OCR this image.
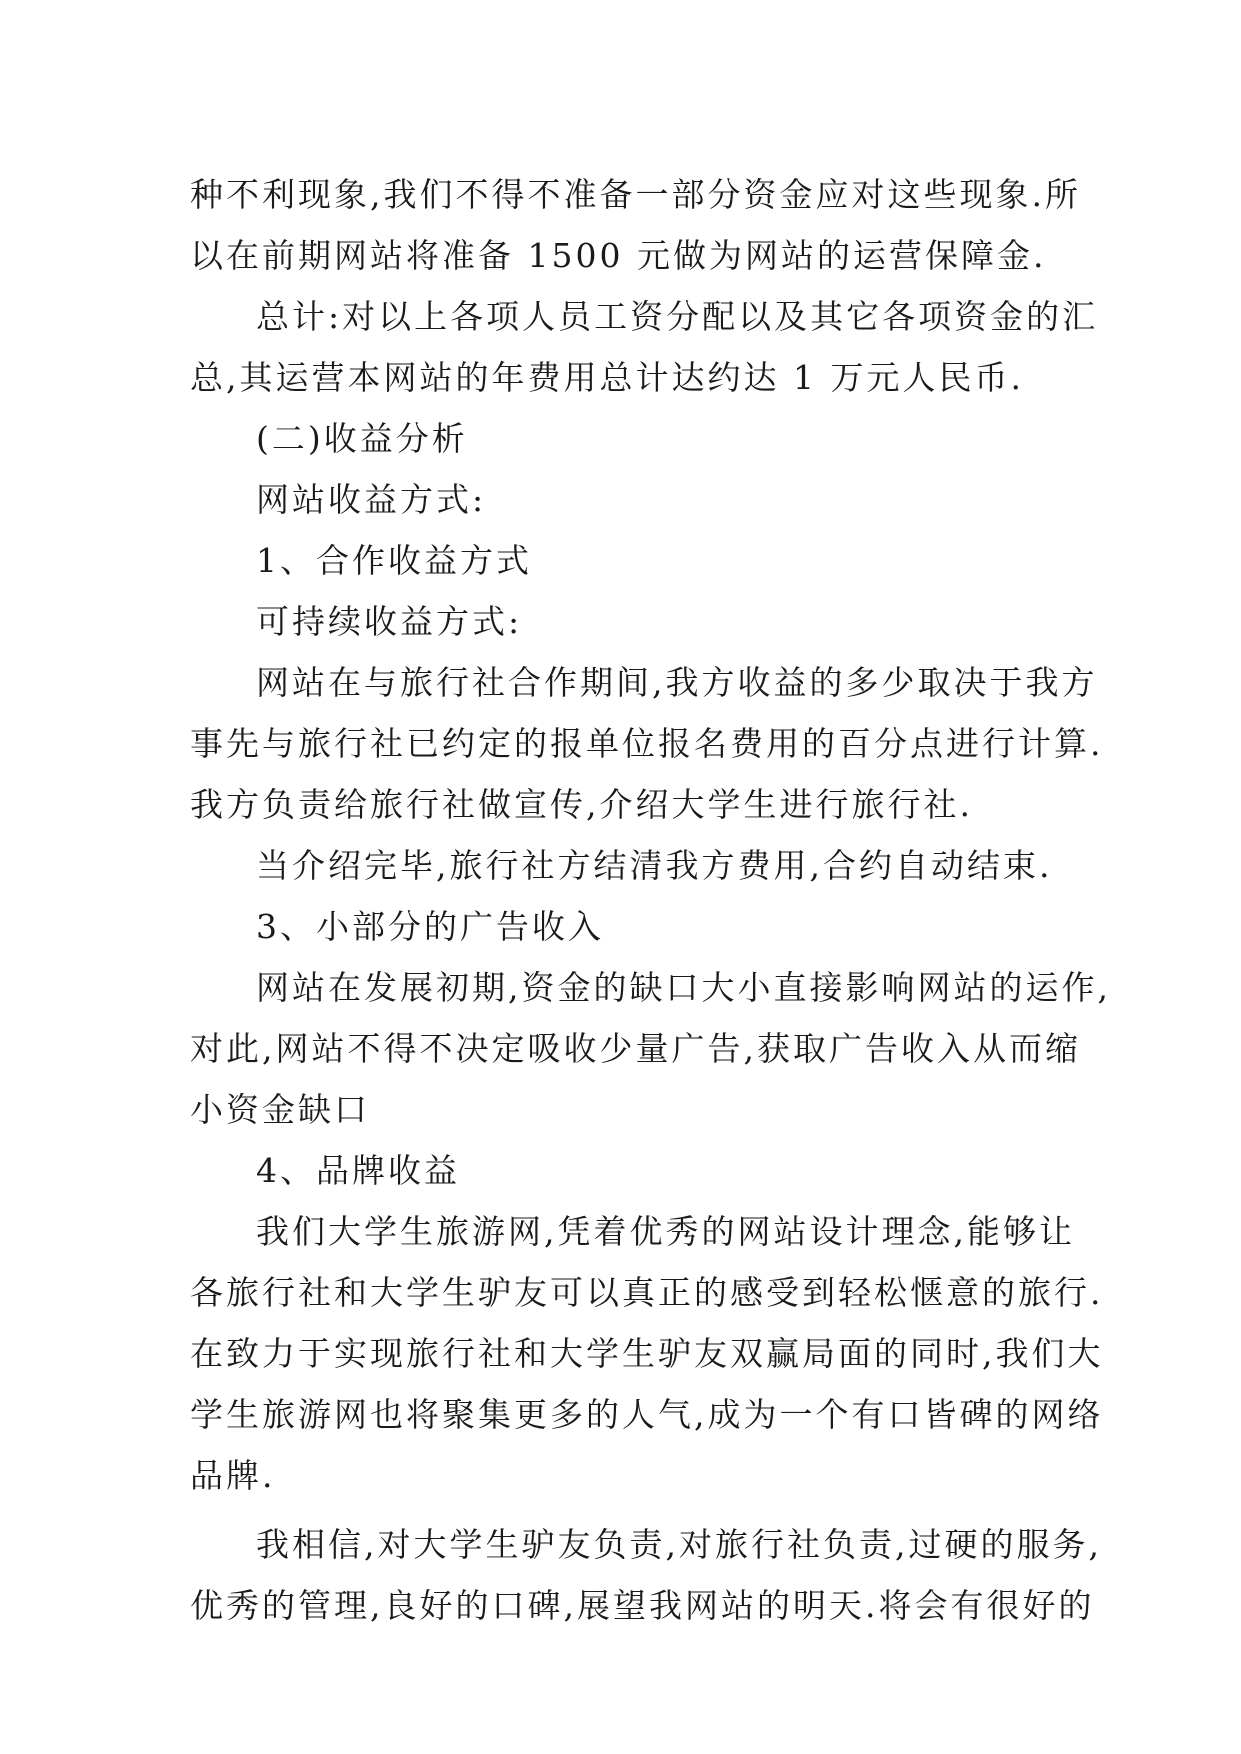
种不利现象,我们不得不准备一部分资金应对这些现象.所
以在前期网站将准备 1500 元做为网站的运营保障金.
总计:对以上各项人员工资分配以及其它各项资金的汇
总,其运营本网站的年费用总计达约达 1 万元人民币.
(二)收益分析
网站收益方式:
1、合作收益方式
可持续收益方式:
网站在与旅行社合作期间,我方收益的多少取决于我方
事先与旅行社已约定的报单位报名费用的百分点进行计算.
我方负责给旅行社做宣传,介绍大学生进行旅行社.
当介绍完毕,旅行社方结清我方费用,合约自动结束.
3、小部分的广告收入
网站在发展初期,资金的缺口大小直接影响网站的运作,
对此,网站不得不决定吸收少量广告,获取广告收入从而缩
小资金缺口
4、品牌收益
我们大学生旅游网,凭着优秀的网站设计理念,能够让
各旅行社和大学生驴友可以真正的感受到轻松惬意的旅行.
在致力于实现旅行社和大学生驴友双赢局面的同时,我们大
学生旅游网也将聚集更多的人气,成为一个有口皆碑的网络
品牌.
我相信,对大学生驴友负责,对旅行社负责,过硬的服务,
优秀的管理,良好的口碑,展望我网站的明天.将会有很好的
